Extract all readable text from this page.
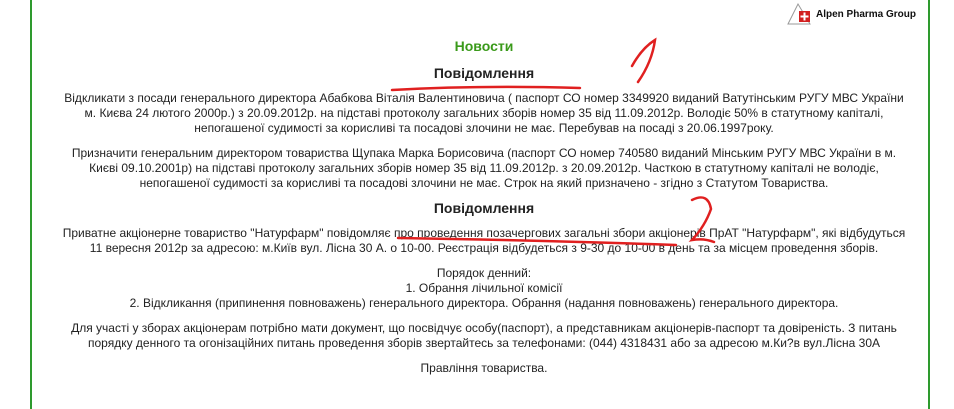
Alpen Pharma Group
Новости
Повідомлення
Відкликати з посади генерального директора Абабкова Віталія Валентиновича ( паспорт СО номер 3349920 виданий Ватутінським РУГУ МВС України
м. Києва 24 лютого 2000р.) з 20.09.2012р. на підставі протоколу загальних зборів номер 35 від 11.09.2012р. Володіє 50% в статутному капіталі,
непогашеної судимості за корисливі та посадові злочини не має. Перебував на посаді з 20.06.1997року.
Призначити генеральним директором товариства Щупака Марка Борисовича (паспорт СО номер 740580 виданий Мінським РУГУ МВС України в м.
Києві 09.10.2001р) на підставі протоколу загальних зборів номер 35 від 11.09.2012р. з 20.09.2012р. Часткою в статутному капіталі не володіє,
непогашеної судимості за корисливі та посадові злочини не має. Строк на який призначено - згідно з Статутом Товариства.
Повідомлення
Приватне акціонерне товариство "Натурфарм" повідомляє про проведення позачергових загальні збори акціонерів ПрАТ "Натурфарм", які відбудуться
11 вересня 2012р за адресою: м.Київ вул. Лісна 30 А. о 10-00. Реєстрація відбудеться з 9-30 до 10-00 в день та за місцем проведення зборів.
Порядок денний:
1. Обрання лічильної комісії
2. Відкликання (припинення повноважень) генерального директора. Обрання (надання повноважень) генерального директора.
Для участі у зборах акціонерам потрібно мати документ, що посвідчує особу(паспорт), а представникам акціонерів-паспорт та довіреність. З питань
порядку денного та огонізаційних питань проведення зборів звертайтесь за телефонами: (044) 4318431 або за адресою м.Ки?в вул.Лісна 30А
Правління товариства.
